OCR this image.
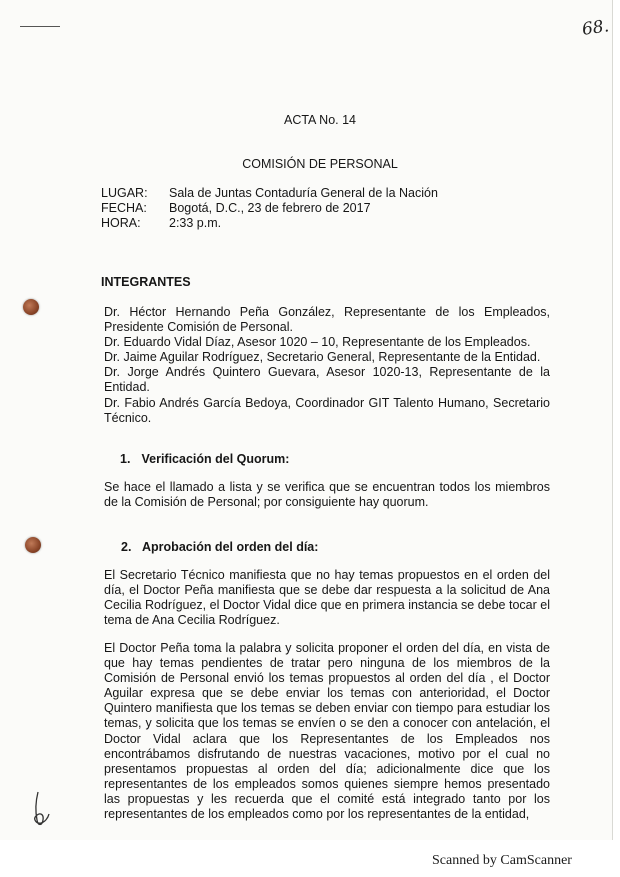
68.
ACTA No. 14
COMISIÓN DE PERSONAL
LUGAR:	Sala de Juntas Contaduría General de la Nación
FECHA:	Bogotá, D.C., 23 de febrero de 2017
HORA:	2:33 p.m.
INTEGRANTES

Dr. Héctor Hernando Peña González, Representante de los Empleados, Presidente Comisión de Personal.

Dr. Eduardo Vidal Díaz, Asesor 1020 – 10, Representante de los Empleados.

Dr. Jaime Aguilar Rodríguez, Secretario General, Representante de la Entidad.

Dr. Jorge Andrés Quintero Guevara, Asesor 1020-13, Representante de la Entidad.

Dr. Fabio Andrés García Bedoya, Coordinador GIT Talento Humano, Secretario Técnico.

1. Verificación del Quorum:
Se hace el llamado a lista y se verifica que se encuentran todos los miembros de la Comisión de Personal; por consiguiente hay quorum.
2. Aprobación del orden del día:
El Secretario Técnico manifiesta que no hay temas propuestos en el orden del día, el Doctor Peña manifiesta que se debe dar respuesta a la solicitud de Ana Cecilia Rodríguez, el Doctor Vidal dice que en primera instancia se debe tocar el tema de Ana Cecilia Rodríguez.

El Doctor Peña toma la palabra y solicita proponer el orden del día, en vista de que hay temas pendientes de tratar pero ninguna de los miembros de la Comisión de Personal envió los temas propuestos al orden del día , el Doctor Aguilar expresa que se debe enviar los temas con anterioridad, el Doctor Quintero manifiesta que los temas se deben enviar con tiempo para estudiar los temas, y solicita que los temas se envíen o se den a conocer con antelación, el Doctor Vidal aclara que los Representantes de los Empleados nos encontrábamos disfrutando de nuestras vacaciones, motivo por el cual no presentamos propuestas al orden del día; adicionalmente dice que los representantes de los empleados somos quienes siempre hemos presentado las propuestas y les recuerda que el comité está integrado tanto por los representantes de los empleados como por los representantes de la entidad,

Scanned by CamScanner
